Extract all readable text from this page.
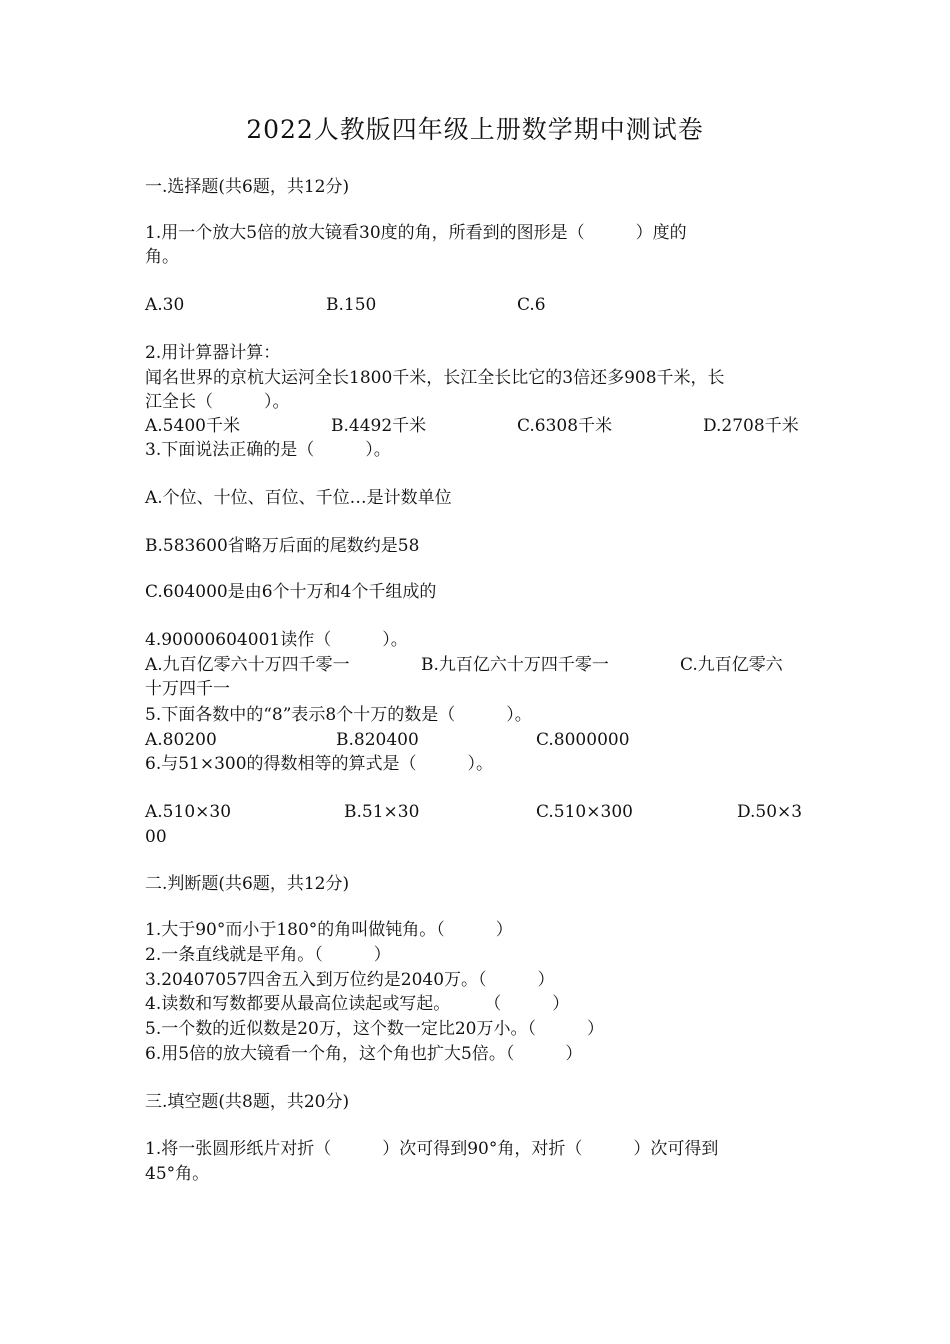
2022人教版四年级上册数学期中测试卷
一.选择题(共6题，共12分)
1.用一个放大5倍的放大镜看30度的角，所看到的图形是（　　　）度的
角。
A.30	B.150	C.6
2.用计算器计算：
闻名世界的京杭大运河全长1800千米，长江全长比它的3倍还多908千米，长
江全长（　　　）。
A.5400千米	B.4492千米	C.6308千米	D.2708千米
3.下面说法正确的是（　　　）。
A.个位、十位、百位、千位…是计数单位
B.583600省略万后面的尾数约是58
C.604000是由6个十万和4个千组成的
4.90000604001读作（　　　）。
A.九百亿零六十万四千零一	B.九百亿六十万四千零一	C.九百亿零六
十万四千一
5.下面各数中的“8”表示8个十万的数是（　　　）。
A.80200	B.820400	C.8000000
6.与51×300的得数相等的算式是（　　　）。
A.510×30	B.51×30	C.510×300	D.50×3
00
二.判断题(共6题，共12分)
1.大于90°而小于180°的角叫做钝角。（　　　）
2.一条直线就是平角。（　　　）
3.20407057四舍五入到万位约是2040万。（　　　）
4.读数和写数都要从最高位读起或写起。　　　（　　　）
5.一个数的近似数是20万，这个数一定比20万小。（　　　）
6.用5倍的放大镜看一个角，这个角也扩大5倍。（　　　）
三.填空题(共8题，共20分)
1.将一张圆形纸片对折（　　　）次可得到90°角，对折（　　　）次可得到
45°角。
